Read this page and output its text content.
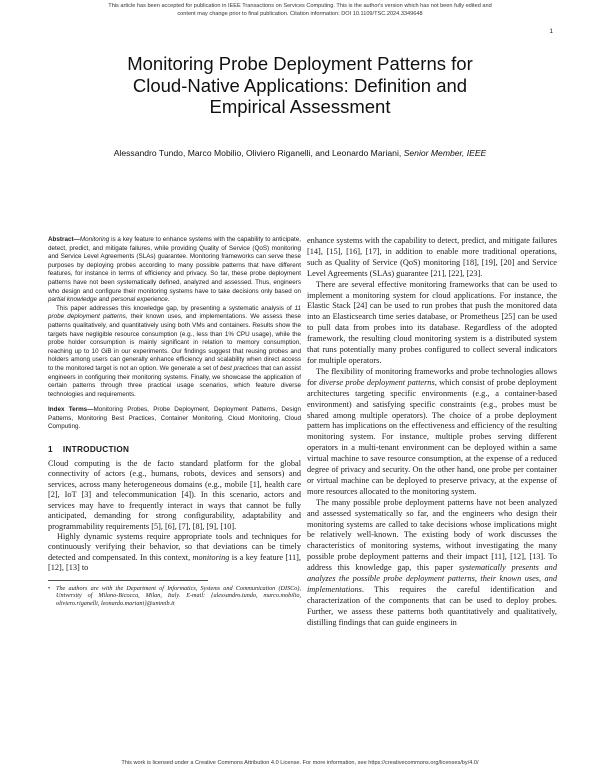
This article has been accepted for publication in IEEE Transactions on Services Computing. This is the author's version which has not been fully edited and
content may change prior to final publication. Citation information: DOI 10.1109/TSC.2024.3349648
1
Monitoring Probe Deployment Patterns for
Cloud-Native Applications: Definition and
Empirical Assessment
Alessandro Tundo, Marco Mobilio, Oliviero Riganelli, and Leonardo Mariani, Senior Member, IEEE

Abstract—Monitoring is a key feature to enhance systems with the capability to anticipate, detect, predict, and mitigate failures, while providing Quality of Service (QoS) monitoring and Service Level Agreements (SLAs) guarantee. Monitoring frameworks can serve these purposes by deploying probes according to many possible patterns that have different features, for instance in terms of efficiency and privacy. So far, these probe deployment patterns have not been systematically defined, analyzed and assessed. Thus, engineers who design and configure their monitoring systems have to take decisions only based on partial knowledge and personal experience.

This paper addresses this knowledge gap, by presenting a systematic analysis of 11 probe deployment patterns, their known uses, and implementations. We assess these patterns qualitatively, and quantitatively using both VMs and containers. Results show the targets have negligible resource consumption (e.g., less than 1% CPU usage), while the probe holder consumption is mainly significant in relation to memory consumption, reaching up to 10 GiB in our experiments. Our findings suggest that reusing probes and holders among users can generally enhance efficiency and scalability when direct access to the monitored target is not an option. We generate a set of best practices that can assist engineers in configuring their monitoring systems. Finally, we showcase the application of certain patterns through three practical usage scenarios, which feature diverse technologies and requirements.

Index Terms—Monitoring Probes, Probe Deployment, Deployment Patterns, Design Patterns, Monitoring Best Practices, Container Monitoring, Cloud Monitoring, Cloud Computing.

1 INTRODUCTION

Cloud computing is the de facto standard platform for the global connectivity of actors (e.g., humans, robots, devices and sensors) and services, across many heterogeneous domains (e.g., mobile [1], health care [2], IoT [3] and telecommunication [4]). In this scenario, actors and services may have to frequently interact in ways that cannot be fully anticipated, demanding for strong configurability, adaptability and programmability requirements [5], [6], [7], [8], [9], [10].

Highly dynamic systems require appropriate tools and techniques for continuously verifying their behavior, so that deviations can be timely detected and compensated. In this context, monitoring is a key feature [11], [12], [13] to

• The authors are with the Department of Informatics, Systems and Communication (DISCo), University of Milano-Bicocca, Milan, Italy. E-mail: {alessandro.tundo, marco.mobilio, oliviero.riganelli, leonardo.mariani}@unimib.it

enhance systems with the capability to detect, predict, and mitigate failures [14], [15], [16], [17], in addition to enable more traditional operations, such as Quality of Service (QoS) monitoring [18], [19], [20] and Service Level Agreements (SLAs) guarantee [21], [22], [23].

There are several effective monitoring frameworks that can be used to implement a monitoring system for cloud applications. For instance, the Elastic Stack [24] can be used to run probes that push the monitored data into an Elasticsearch time series database, or Prometheus [25] can be used to pull data from probes into its database. Regardless of the adopted framework, the resulting cloud monitoring system is a distributed system that runs potentially many probes configured to collect several indicators for multiple operators.

The flexibility of monitoring frameworks and probe technologies allows for diverse probe deployment patterns, which consist of probe deployment architectures targeting specific environments (e.g., a container-based environment) and satisfying specific constraints (e.g., probes must be shared among multiple operators). The choice of a probe deployment pattern has implications on the effectiveness and efficiency of the resulting monitoring system. For instance, multiple probes serving different operators in a multi-tenant environment can be deployed within a same virtual machine to save resource consumption, at the expense of a reduced degree of privacy and security. On the other hand, one probe per container or virtual machine can be deployed to preserve privacy, at the expense of more resources allocated to the monitoring system.

The many possible probe deployment patterns have not been analyzed and assessed systematically so far, and the engineers who design their monitoring systems are called to take decisions whose implications might be relatively well-known. The existing body of work discusses the characteristics of monitoring systems, without investigating the many possible probe deployment patterns and their impact [11], [12], [13]. To address this knowledge gap, this paper systematically presents and analyzes the possible probe deployment patterns, their known uses, and implementations. This requires the careful identification and characterization of the components that can be used to deploy probes. Further, we assess these patterns both quantitatively and qualitatively, distilling findings that can guide engineers in

This work is licensed under a Creative Commons Attribution 4.0 License. For more information, see https://creativecommons.org/licenses/by/4.0/
